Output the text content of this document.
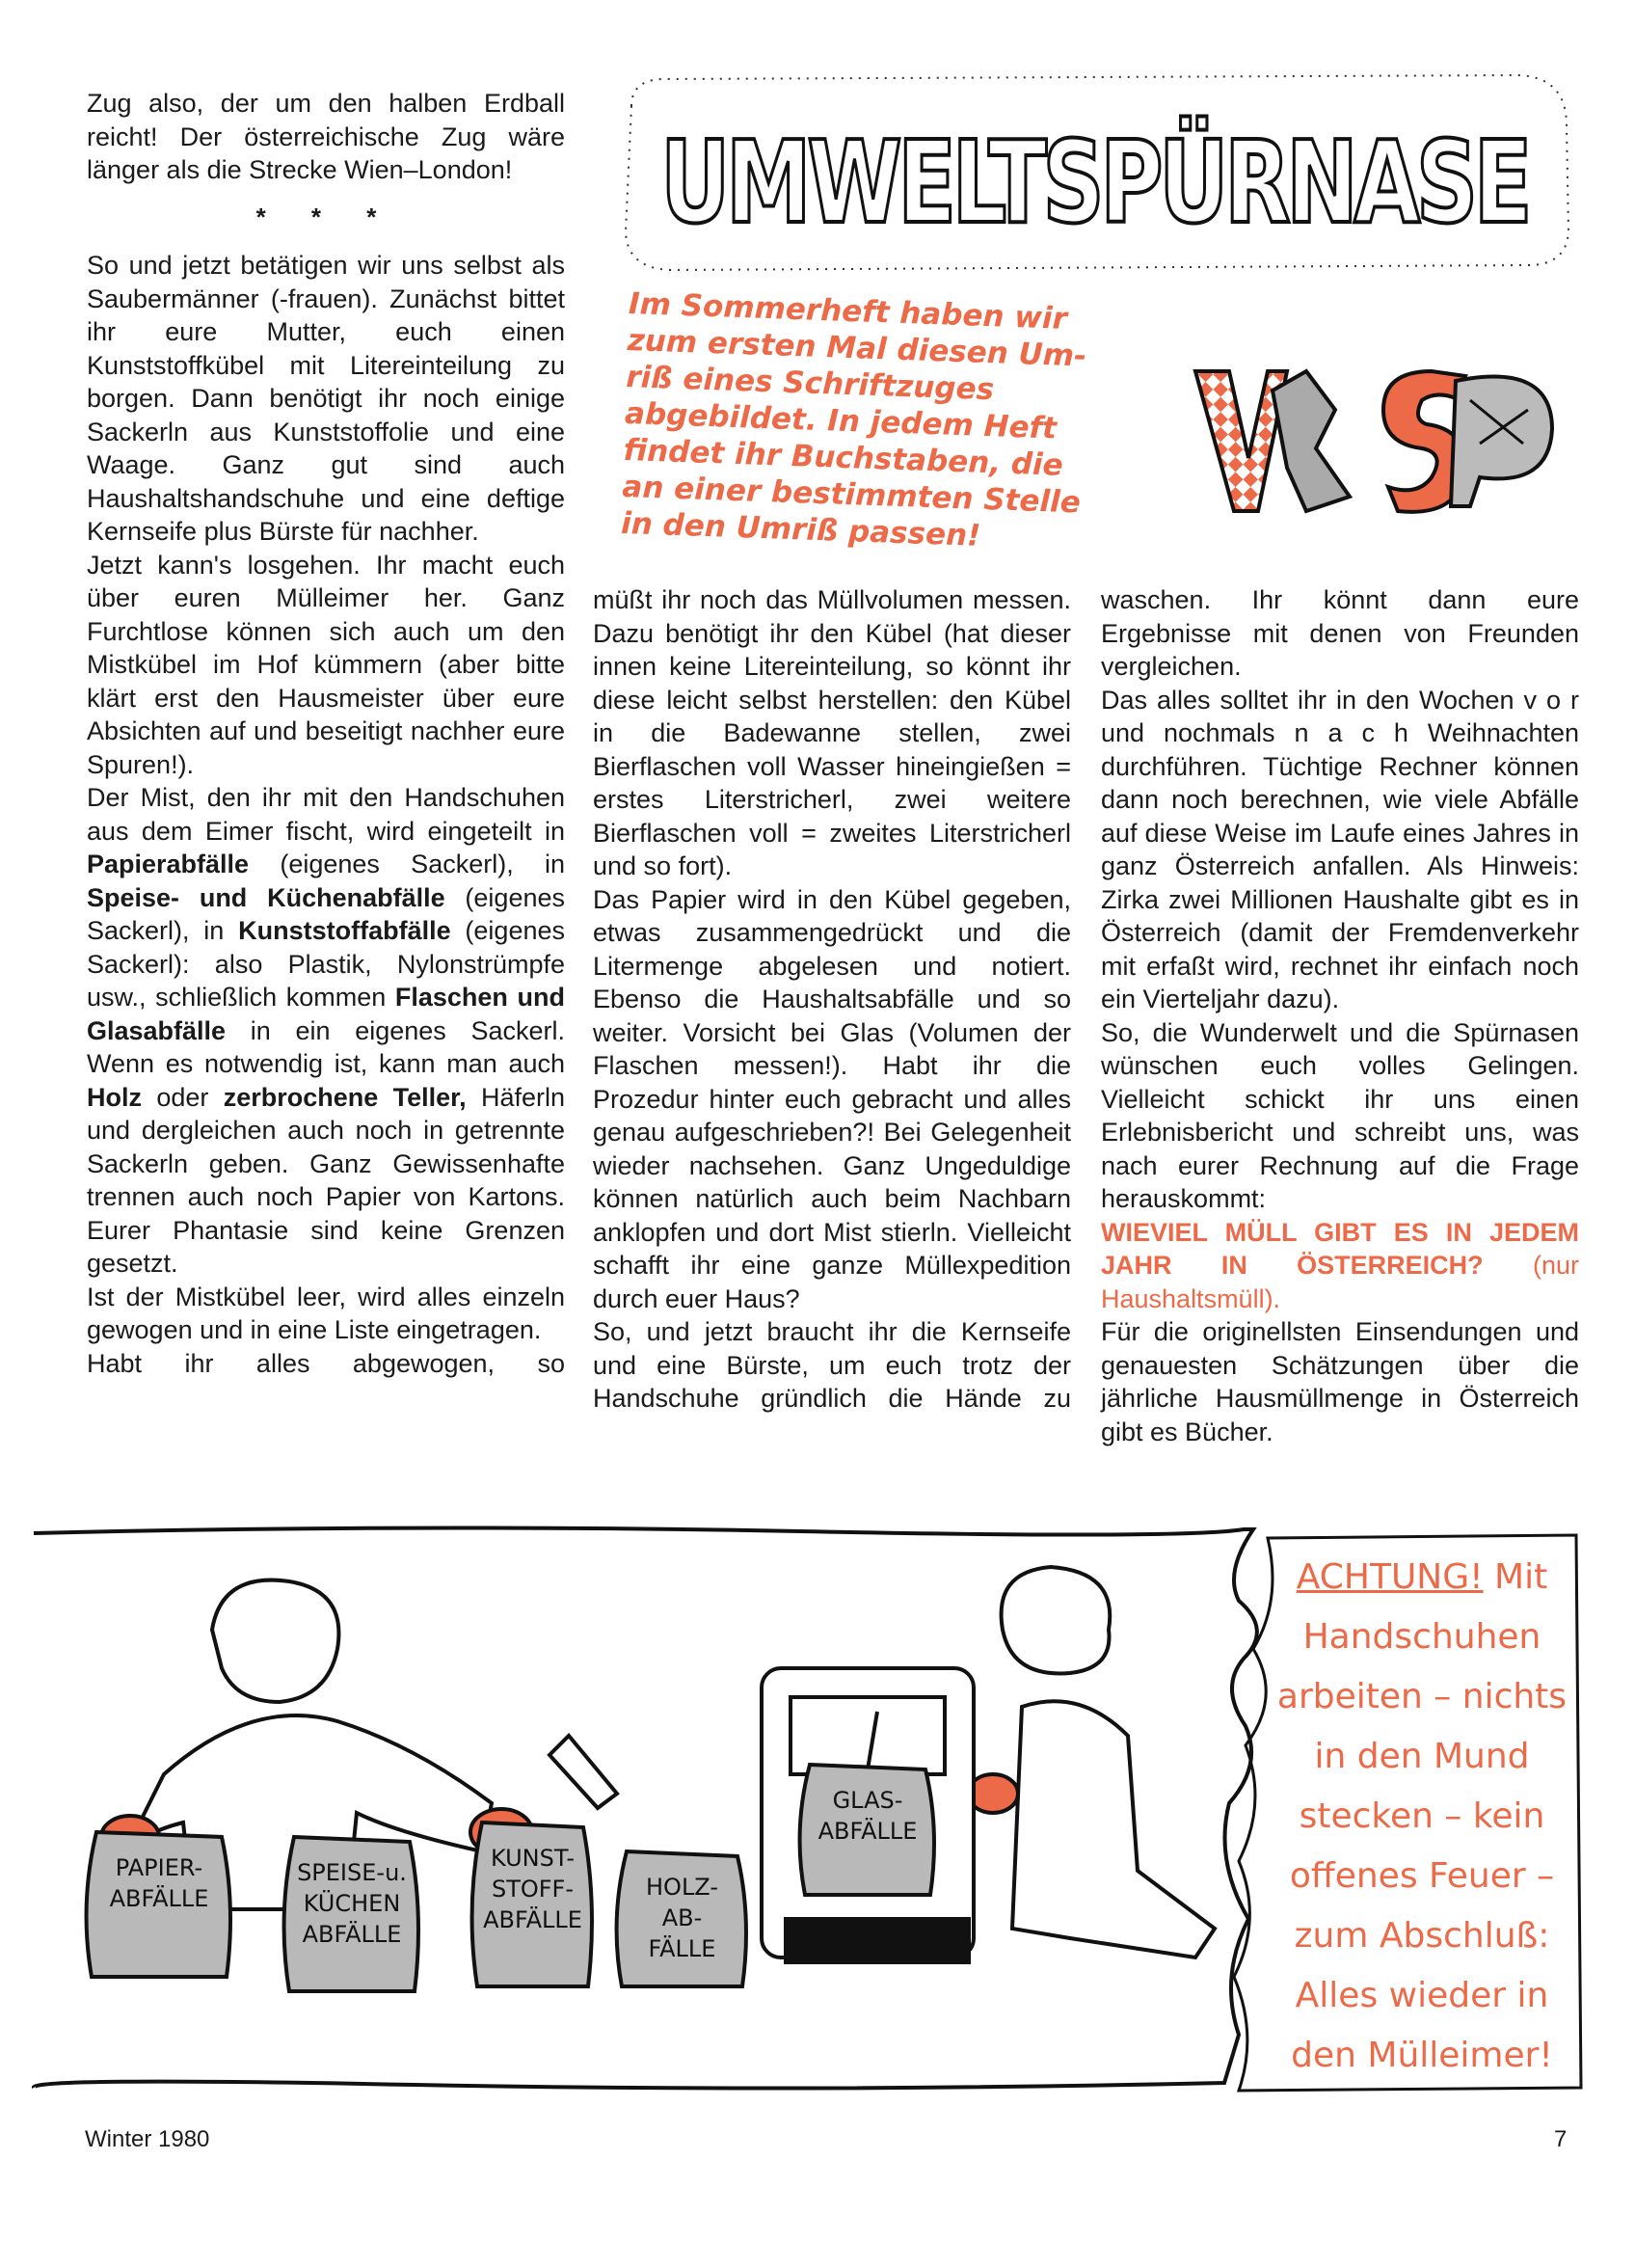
UMWELTSPÜRNASE
Im Sommerheft haben wir
zum ersten Mal diesen Um-
riß eines Schriftzuges
abgebildet. In jedem Heft
findet ihr Buchstaben, die
an einer bestimmten Stelle
in den Umriß passen!

Zug also, der um den halben Erdball reicht! Der österreichische Zug wäre länger als die Strecke Wien–London!

* * *

So und jetzt betätigen wir uns selbst als Saubermänner (-frauen). Zunächst bittet ihr eure Mutter, euch einen Kunststoffkübel mit Litereinteilung zu borgen. Dann benötigt ihr noch einige Sackerln aus Kunststoffolie und eine Waage. Ganz gut sind auch Haushaltshandschuhe und eine deftige Kernseife plus Bürste für nachher.

Jetzt kann's losgehen. Ihr macht euch über euren Mülleimer her. Ganz Furchtlose können sich auch um den Mistkübel im Hof kümmern (aber bitte klärt erst den Hausmeister über eure Absichten auf und beseitigt nachher eure Spuren!).

Der Mist, den ihr mit den Handschuhen aus dem Eimer fischt, wird eingeteilt in Papierabfälle (eigenes Sackerl), in Speise- und Küchenabfälle (eigenes Sackerl), in Kunststoffabfälle (eigenes Sackerl): also Plastik, Nylonstrümpfe usw., schließlich kommen Flaschen und Glasabfälle in ein eigenes Sackerl. Wenn es notwendig ist, kann man auch Holz oder zerbrochene Teller, Häferln und dergleichen auch noch in getrennte Sackerln geben. Ganz Gewissenhafte trennen auch noch Papier von Kartons. Eurer Phantasie sind keine Grenzen gesetzt.

Ist der Mistkübel leer, wird alles einzeln gewogen und in eine Liste eingetragen.

Habt ihr alles abgewogen, so

müßt ihr noch das Müllvolumen messen. Dazu benötigt ihr den Kübel (hat dieser innen keine Litereinteilung, so könnt ihr diese leicht selbst herstellen: den Kübel in die Badewanne stellen, zwei Bierflaschen voll Wasser hineingießen = erstes Literstricherl, zwei weitere Bierflaschen voll = zweites Literstricherl und so fort).

Das Papier wird in den Kübel gegeben, etwas zusammengedrückt und die Litermenge abgelesen und notiert. Ebenso die Haushaltsabfälle und so weiter. Vorsicht bei Glas (Volumen der Flaschen messen!). Habt ihr die Prozedur hinter euch gebracht und alles genau aufgeschrieben?! Bei Gelegenheit wieder nachsehen. Ganz Ungeduldige können natürlich auch beim Nachbarn anklopfen und dort Mist stierln. Vielleicht schafft ihr eine ganze Müllexpedition durch euer Haus?

So, und jetzt braucht ihr die Kernseife und eine Bürste, um euch trotz der Handschuhe gründlich die Hände zu

waschen. Ihr könnt dann eure Ergebnisse mit denen von Freunden vergleichen.

Das alles solltet ihr in den Wochen v o r und nochmals n a c h Weihnachten durchführen. Tüchtige Rechner können dann noch berechnen, wie viele Abfälle auf diese Weise im Laufe eines Jahres in ganz Österreich anfallen. Als Hinweis: Zirka zwei Millionen Haushalte gibt es in Österreich (damit der Fremdenverkehr mit erfaßt wird, rechnet ihr einfach noch ein Vierteljahr dazu).

So, die Wunderwelt und die Spürnasen wünschen euch volles Gelingen. Vielleicht schickt ihr uns einen Erlebnisbericht und schreibt uns, was nach eurer Rechnung auf die Frage herauskommt:

WIEVIEL MÜLL GIBT ES IN JEDEM JAHR IN ÖSTERREICH? (nur Haushaltsmüll).

Für die originellsten Einsendungen und genauesten Schätzungen über die jährliche Hausmüllmenge in Österreich gibt es Bücher.

PAPIER-
ABFÄLLE
SPEISE-u.
KÜCHEN
ABFÄLLE
KUNST-
STOFF-
ABFÄLLE
HOLZ-
AB-
FÄLLE
GLAS-
ABFÄLLE
ACHTUNG! Mit
Handschuhen
arbeiten – nichts
in den Mund
stecken – kein
offenes Feuer –
zum Abschluß:
Alles wieder in
den Mülleimer!
Winter 1980	7
